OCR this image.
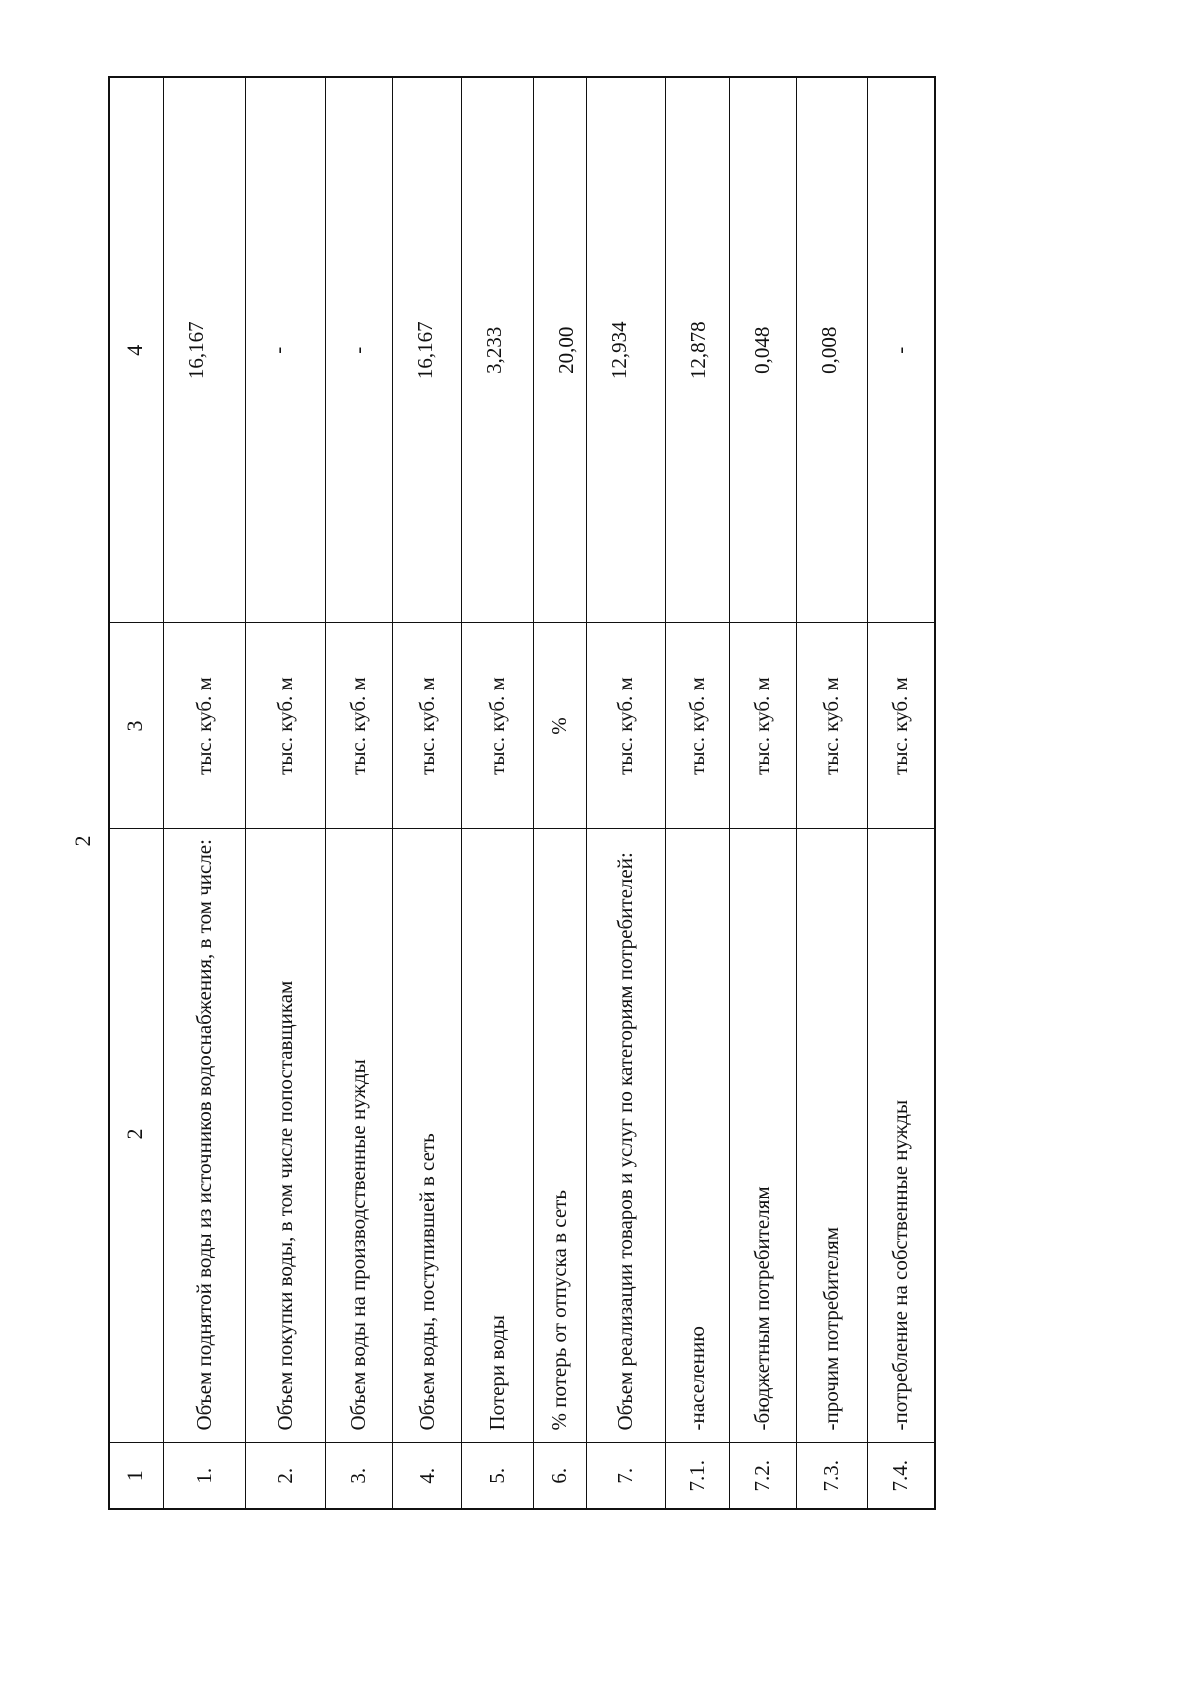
2
1	2	3	4
1.	Объем поднятой воды из источников водоснабжения, в том числе:	тыс. куб. м	16,167
2.	Объем покупки воды, в том числе попоставщикам	тыс. куб. м	-
3.	Объем воды на производственные нужды	тыс. куб. м	-
4.	Объем воды, поступившей в сеть	тыс. куб. м	16,167
5.	Потери воды	тыс. куб. м	3,233
6.	% потерь от отпуска в сеть	%	20,00
7.	Объем реализации товаров и услуг по категориям потребителей:	тыс. куб. м	12,934
7.1.	-населению	тыс. куб. м	12,878
7.2.	-бюджетным потребителям	тыс. куб. м	0,048
7.3.	-прочим потребителям	тыс. куб. м	0,008
7.4.	-потребление на собственные нужды	тыс. куб. м	-
